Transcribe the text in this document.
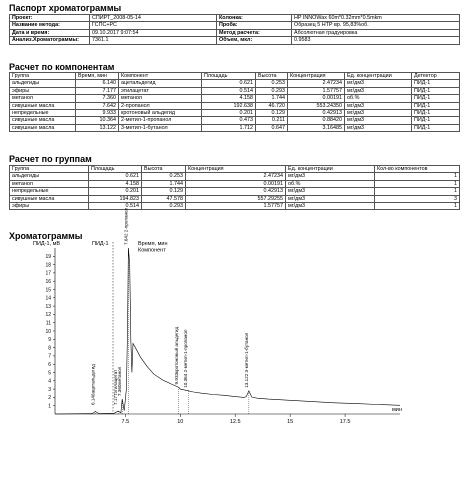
Паспорт хроматограммы
Проект:	СПИРТ_2008-05-14	Колонка:	HP INNOWax 60m*0.32mm*0.5mkm
Название метода:	ГСПС+РС	Проба:	Образец 5 НТР вр. 95,83%об.
Дата и время:	09.10.2017 9:07:54	Метод расчета:	Абсолютная градуировка
Анализ.Хроматограммы:	7361.1	Объем, мкл:	0.9583
Расчет по компонентам
Группа	Время, мин	Компонент	Площадь	Высота	Концентрация	Ед. концентрации	Детектор
альдегиды	6.140	ацетальдегид	0.621	0.253	2.47234	мг/дм3	ПИД-1
эфиры	7.177	этилацетат	0.514	0.293	1.57757	мг/дм3	ПИД-1
метанол	7.360	метанол	4.158	1.744	0.00191	об.%	ПИД-1
сивушные масла	7.642	2-пропанол	192.638	46.720	553.24350	мг/дм3	ПИД-1
непредельные	9.933	кротоновый альдегид	0.201	0.129	0.42913	мг/дм3	ПИД-1
сивушные масла	10.364	2-метил-1-пропанол	0.473	0.211	0.88420	мг/дм3	ПИД-1
сивушные масла	13.122	3-метил-1-бутанол	1.712	0.647	3.16485	мг/дм3	ПИД-1
Расчет по группам
Группа	Площадь	Высота	Концентрация	Ед. концентрации	Кол-во компонентов
альдегиды	0.621	0.253	2.47234	мг/дм3	1
метанол	4.158	1.744	0.00191	об.%	1
непредельные	0.201	0.129	0.42913	мг/дм3	1
сивушные масла	194.823	47.578	557.29255	мг/дм3	3
эфиры	0.514	0.293	1.57757	мг/дм3	1
Хроматограммы
1
2
3
4
5
6
7
8
9
10
11
12
13
14
15
16
17
18
19
7.5	10	12.5	15	17.5
ПИД-1, мВ
мин
ПИД-1	Время, мин
Компонент
6.140ацетальдегид	7.177этилацетат 7.360метанол
7.642 2-пропанол
9.933кротоновый альдегид 10.364 2-метил-1-пропанол	13.122 3-метил-1-бутанол
